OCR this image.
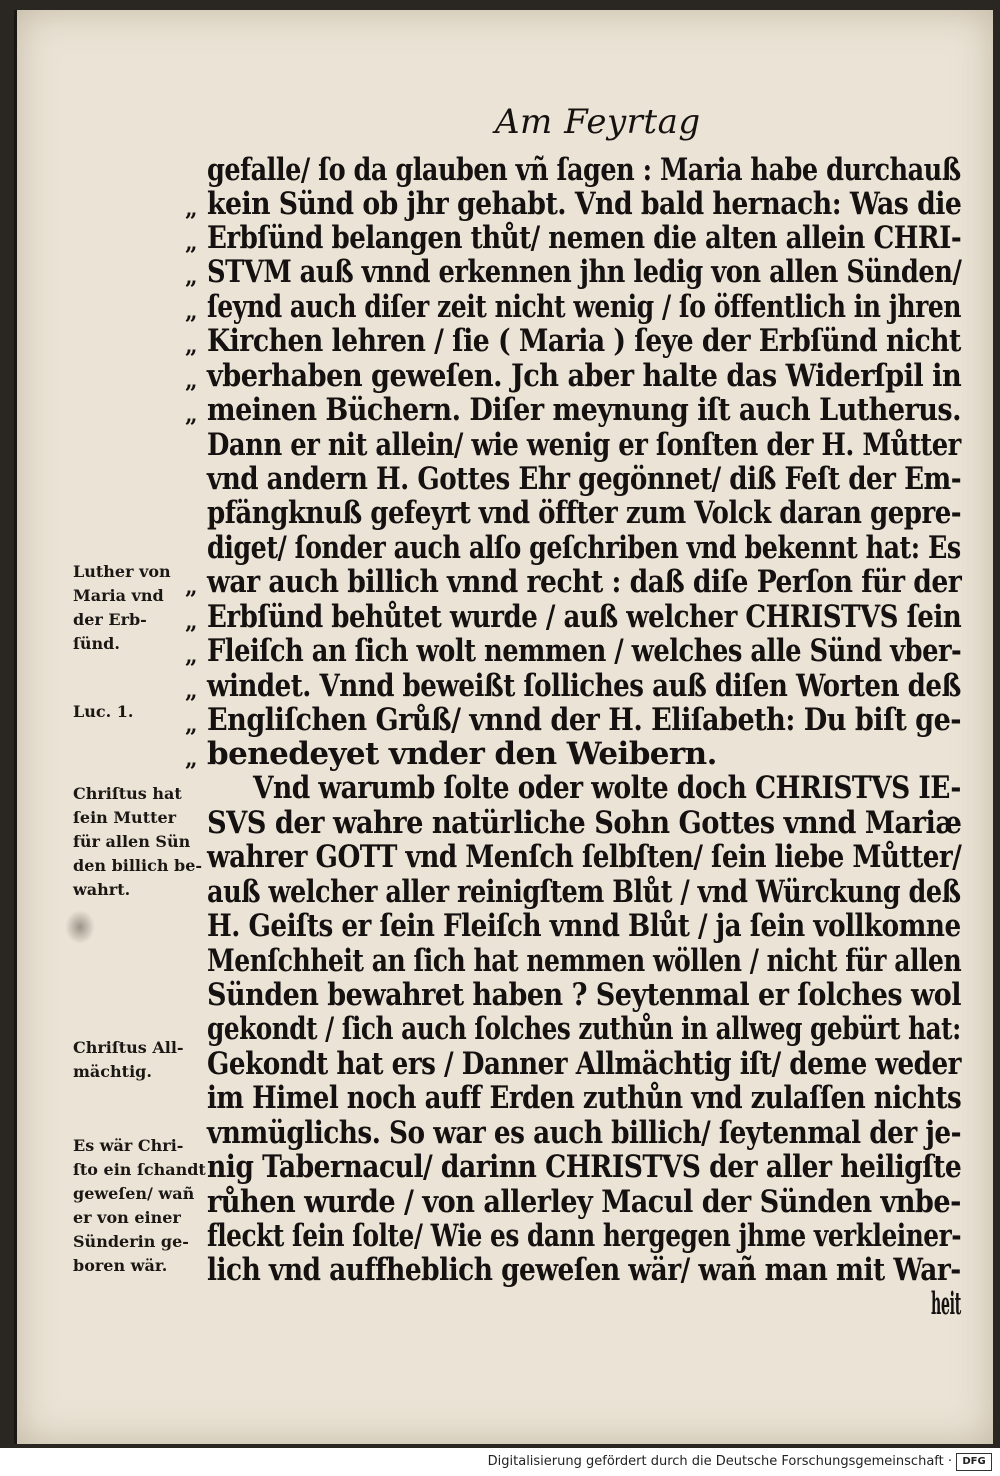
Am Feyrtag
gefalle/ ſo da glauben vñ ſagen : Maria habe durchauß
kein Sünd ob jhr gehabt. Vnd bald hernach: Was die
Erbſünd belangen thůt/ nemen die alten allein CHRI-
STVM auß vnnd erkennen jhn ledig von allen Sünden/
ſeynd auch diſer zeit nicht wenig / ſo öffentlich in jhren
Kirchen lehren / ſie ( Maria ) ſeye der Erbſünd nicht
vberhaben geweſen. Jch aber halte das Widerſpil in
meinen Büchern. Diſer meynung iſt auch Lutherus.
Dann er nit allein/ wie wenig er ſonſten der H. Můtter
vnd andern H. Gottes Ehr gegönnet/ diß Feſt der Em-
pfängknuß gefeyrt vnd öffter zum Volck daran gepre-
diget/ ſonder auch alſo geſchriben vnd bekennt hat: Es
war auch billich vnnd recht : daß diſe Perſon für der
Erbſünd behůtet wurde / auß welcher CHRISTVS ſein
Fleiſch an ſich wolt nemmen / welches alle Sünd vber-
windet. Vnnd beweißt ſolliches auß diſen Worten deß
Engliſchen Grůß/ vnnd der H. Eliſabeth: Du biſt ge-
benedeyet vnder den Weibern.
Vnd warumb ſolte oder wolte doch CHRISTVS IE-
SVS der wahre natürliche Sohn Gottes vnnd Mariæ
wahrer GOTT vnd Menſch ſelbſten/ ſein liebe Můtter/
auß welcher aller reinigſtem Blůt / vnd Würckung deß
H. Geiſts er ſein Fleiſch vnnd Blůt / ja ſein vollkomne
Menſchheit an ſich hat nemmen wöllen / nicht für allen
Sünden bewahret haben ? Seytenmal er ſolches wol
gekondt / ſich auch ſolches zuthůn in allweg gebürt hat:
Gekondt hat ers / Danner Allmächtig iſt/ deme weder
im Himel noch auff Erden zuthůn vnd zulaſſen nichts
vnmüglichs. So war es auch billich/ ſeytenmal der je-
nig Tabernacul/ darinn CHRISTVS der aller heiligſte
růhen wurde / von allerley Macul der Sünden vnbe-
fleckt ſein ſolte/ Wie es dann hergegen jhme verkleiner-
lich vnd auffheblich geweſen wär/ wañ man mit War-
heit
„
„
„
„
„
„
„
„
„
„
„
„
„
Luther von
Maria vnd
der Erb-
ſünd.
Luc. 1.
Chriſtus hat
ſein Mutter
für allen Sün
den billich be-
wahrt.
Chriſtus All-
mächtig.
Es wär Chri-
ſto ein ſchandt
geweſen/ wañ
er von einer
Sünderin ge-
boren wär.
Digitalisierung gefördert durch die Deutsche Forschungsgemeinschaft ·	DFG
